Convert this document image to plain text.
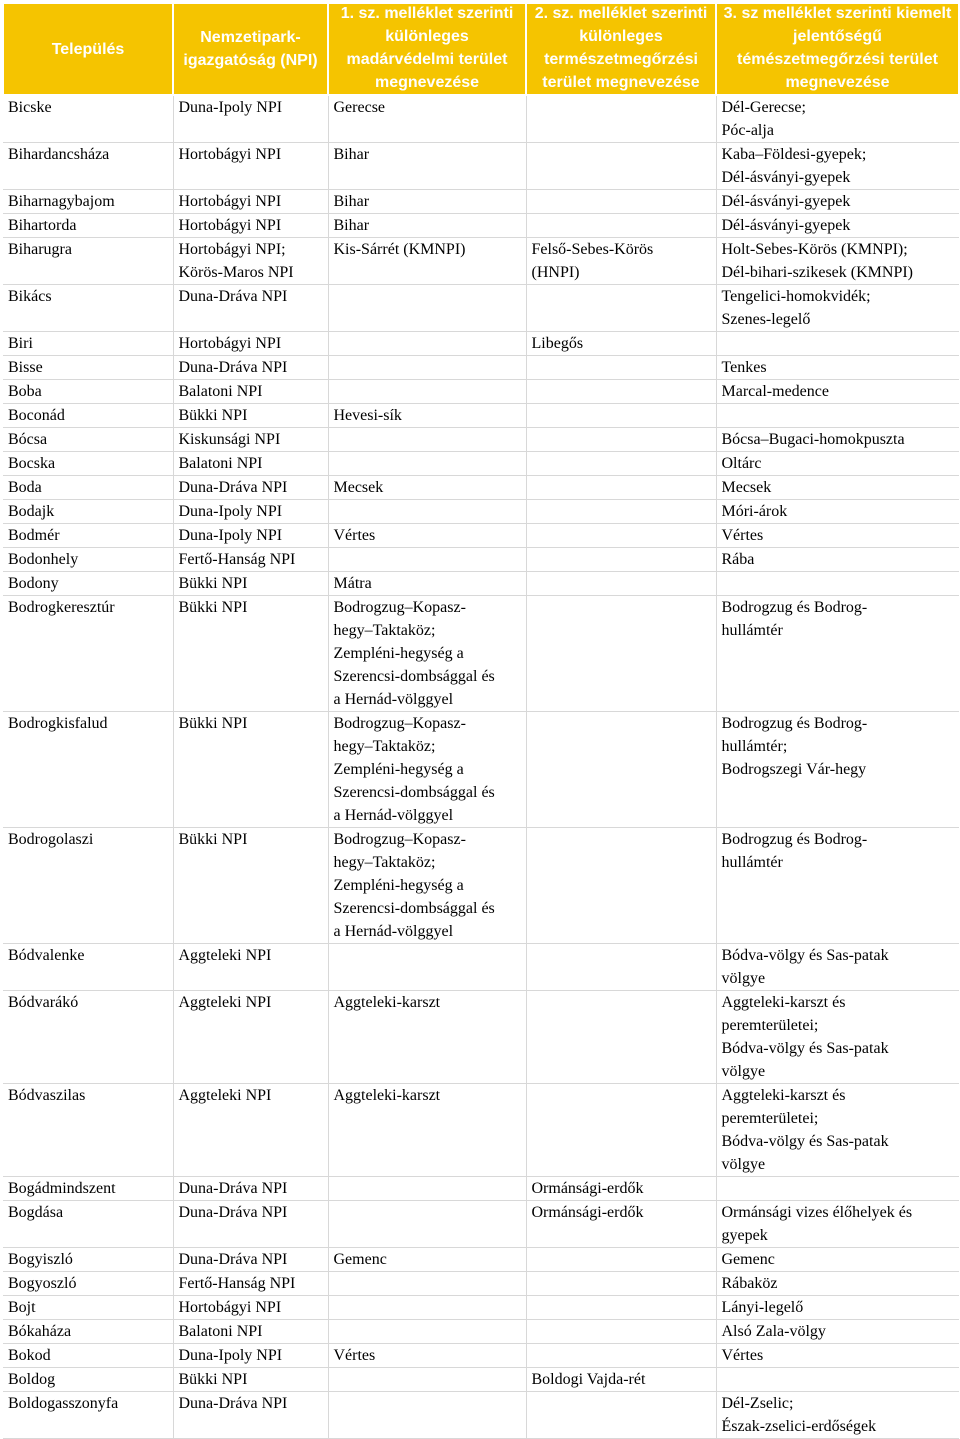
Település	Nemzetipark-
igazgatóság (NPI)	1. sz. melléklet szerinti
különleges
madárvédelmi terület
megnevezése	2. sz. melléklet szerinti
különleges
természetmegőrzési
terület megnevezése	3. sz melléklet szerinti kiemelt
jelentőségű
témészetmegőrzési terület
megnevezése

Bicske	Duna-Ipoly NPI	Gerecse		Dél-Gerecse;
Póc-alja
Bihardancsháza	Hortobágyi NPI	Bihar		Kaba–Földesi-gyepek;
Dél-ásványi-gyepek
Biharnagybajom	Hortobágyi NPI	Bihar		Dél-ásványi-gyepek
Bihartorda	Hortobágyi NPI	Bihar		Dél-ásványi-gyepek
Biharugra	Hortobágyi NPI;
Körös-Maros NPI	Kis-Sárrét (KMNPI)	Felső-Sebes-Körös
(HNPI)	Holt-Sebes-Körös (KMNPI);
Dél-bihari-szikesek (KMNPI)
Bikács	Duna-Dráva NPI			Tengelici-homokvidék;
Szenes-legelő
Biri	Hortobágyi NPI		Libegős	
Bisse	Duna-Dráva NPI			Tenkes
Boba	Balatoni NPI			Marcal-medence
Boconád	Bükki NPI	Hevesi-sík		
Bócsa	Kiskunsági NPI			Bócsa–Bugaci-homokpuszta
Bocska	Balatoni NPI			Oltárc
Boda	Duna-Dráva NPI	Mecsek		Mecsek
Bodajk	Duna-Ipoly NPI			Móri-árok
Bodmér	Duna-Ipoly NPI	Vértes		Vértes
Bodonhely	Fertő-Hanság NPI			Rába
Bodony	Bükki NPI	Mátra		
Bodrogkeresztúr	Bükki NPI	Bodrogzug–Kopasz-
hegy–Taktaköz;
Zempléni-hegység a
Szerencsi-dombsággal és
a Hernád-völggyel		Bodrogzug és Bodrog-
hullámtér
Bodrogkisfalud	Bükki NPI	Bodrogzug–Kopasz-
hegy–Taktaköz;
Zempléni-hegység a
Szerencsi-dombsággal és
a Hernád-völggyel		Bodrogzug és Bodrog-
hullámtér;
Bodrogszegi Vár-hegy
Bodrogolaszi	Bükki NPI	Bodrogzug–Kopasz-
hegy–Taktaköz;
Zempléni-hegység a
Szerencsi-dombsággal és
a Hernád-völggyel		Bodrogzug és Bodrog-
hullámtér
Bódvalenke	Aggteleki NPI			Bódva-völgy és Sas-patak
völgye
Bódvarákó	Aggteleki NPI	Aggteleki-karszt		Aggteleki-karszt és
peremterületei;
Bódva-völgy és Sas-patak
völgye
Bódvaszilas	Aggteleki NPI	Aggteleki-karszt		Aggteleki-karszt és
peremterületei;
Bódva-völgy és Sas-patak
völgye
Bogádmindszent	Duna-Dráva NPI		Ormánsági-erdők	
Bogdása	Duna-Dráva NPI		Ormánsági-erdők	Ormánsági vizes élőhelyek és
gyepek
Bogyiszló	Duna-Dráva NPI	Gemenc		Gemenc
Bogyoszló	Fertő-Hanság NPI			Rábaköz
Bojt	Hortobágyi NPI			Lányi-legelő
Bókaháza	Balatoni NPI			Alsó Zala-völgy
Bokod	Duna-Ipoly NPI	Vértes		Vértes
Boldog	Bükki NPI		Boldogi Vajda-rét	
Boldogasszonyfa	Duna-Dráva NPI			Dél-Zselic;
Észak-zselici-erdőségek
